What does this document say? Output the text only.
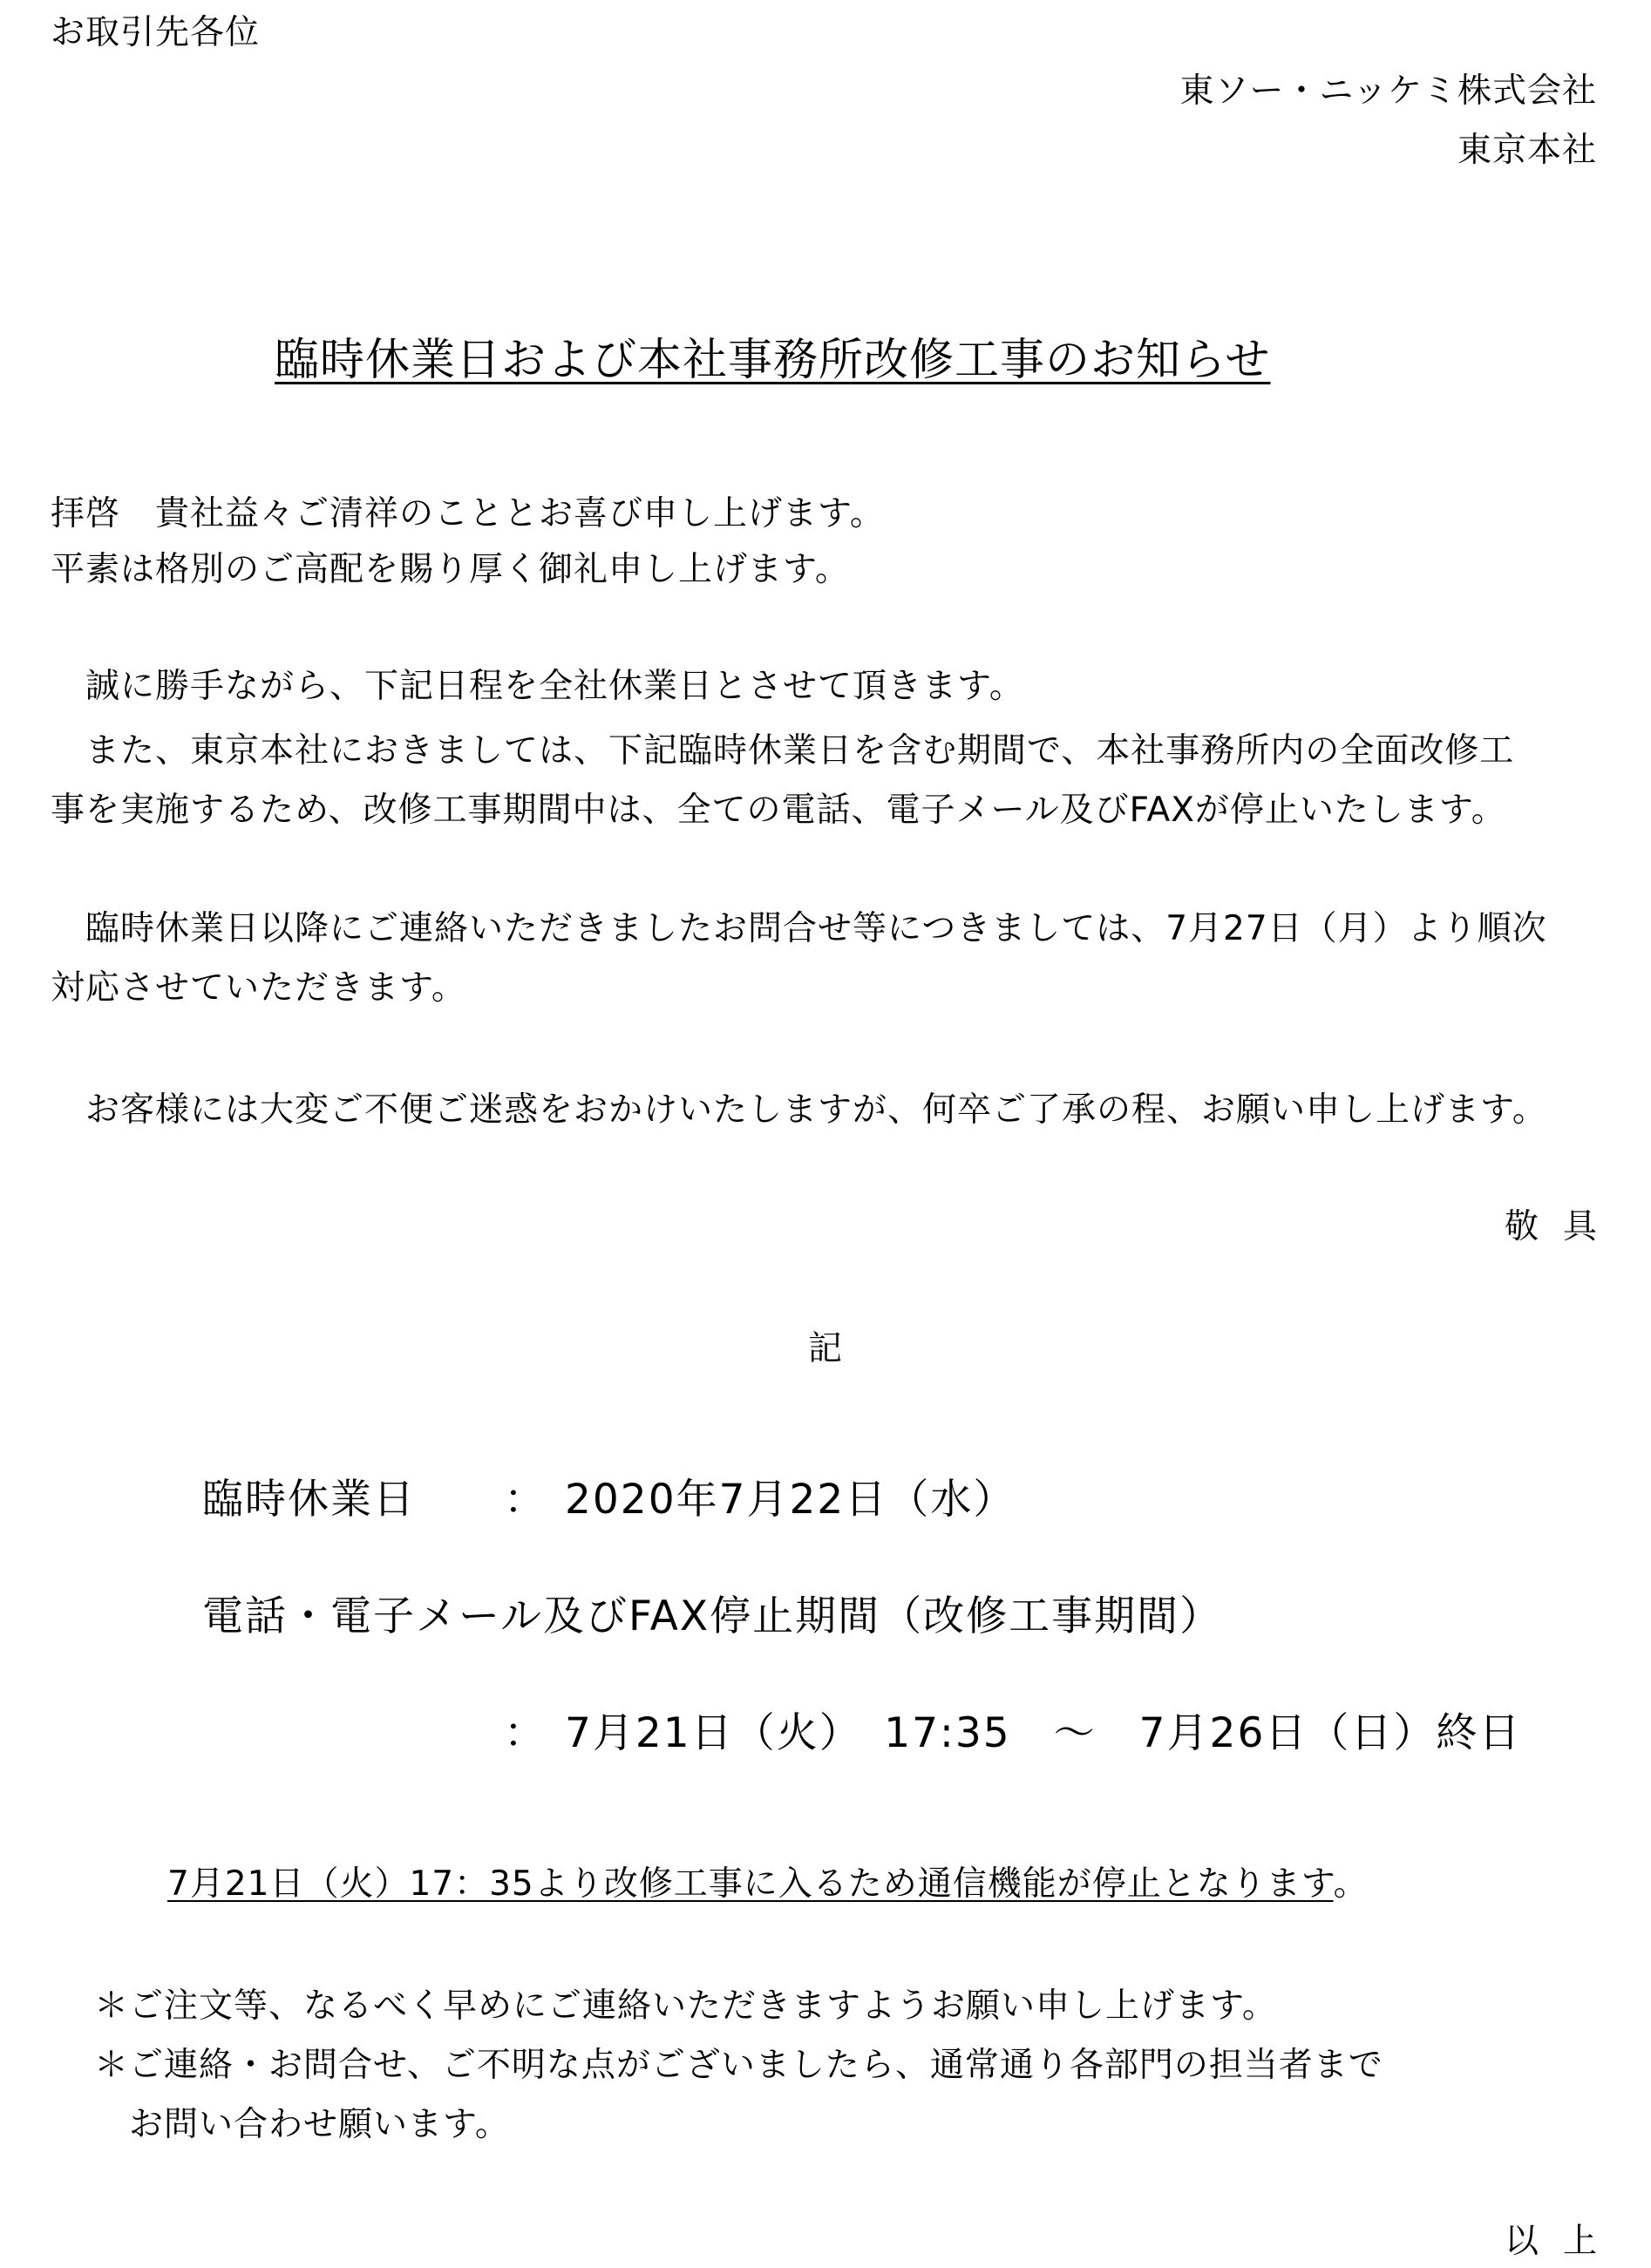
お取引先各位
東ソー・ニッケミ株式会社
東京本社
臨時休業日および本社事務所改修工事のお知らせ
拝啓　貴社益々ご清祥のこととお喜び申し上げます。
平素は格別のご高配を賜り厚く御礼申し上げます。
　誠に勝手ながら、下記日程を全社休業日とさせて頂きます。
　また、東京本社におきましては、下記臨時休業日を含む期間で、本社事務所内の全面改修工
事を実施するため、改修工事期間中は、全ての電話、電子メール及びFAXが停止いたします。
　臨時休業日以降にご連絡いただきましたお問合せ等につきましては、7月27日（月）より順次
対応させていただきます。
　お客様には大変ご不便ご迷惑をおかけいたしますが、何卒ご了承の程、お願い申し上げます。
敬具
記
臨時休業日 ： 2020年7月22日（水）
電話・電子メール及びFAX停止期間（改修工事期間）
： 7月21日（火）　17:35　～　7月26日（日）終日
7月21日（火）17：35より改修工事に入るため通信機能が停止となります。
＊ご注文等、なるべく早めにご連絡いただきますようお願い申し上げます。
＊ご連絡・お問合せ、ご不明な点がございましたら、通常通り各部門の担当者まで
　お問い合わせ願います。
以上
